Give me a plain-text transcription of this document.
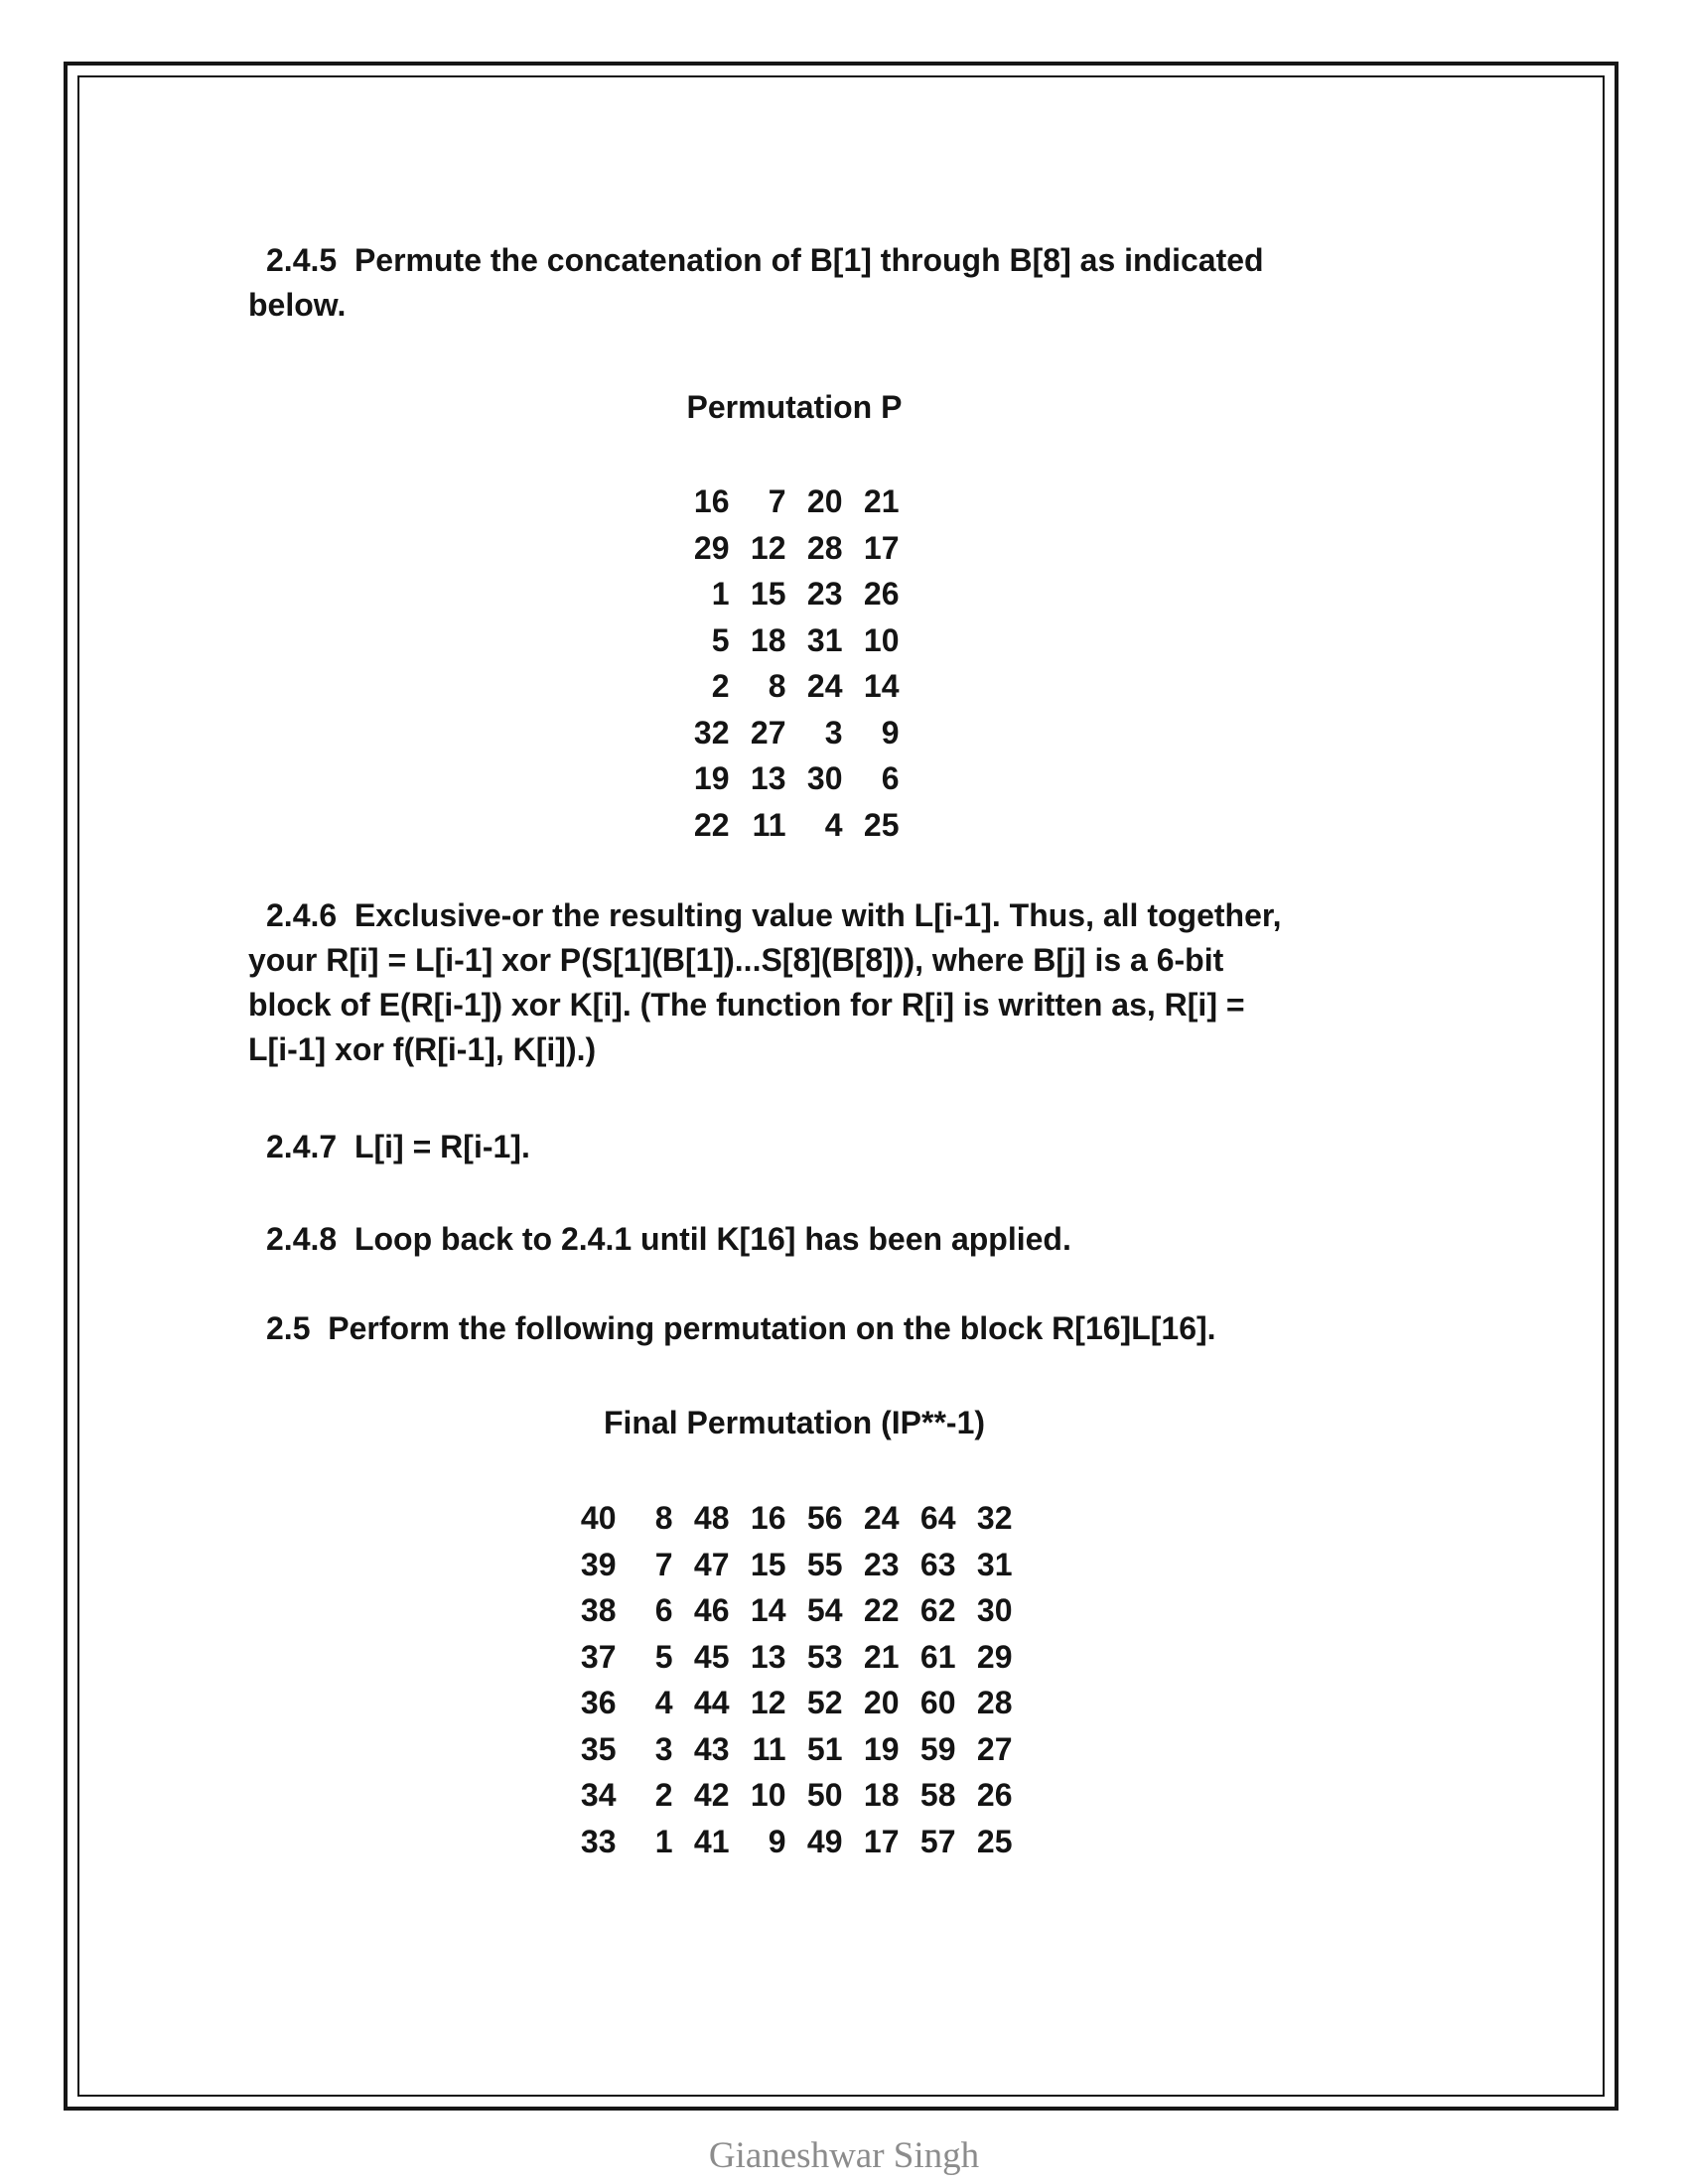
2.4.5  Permute the concatenation of B[1] through B[8] as indicated
below.
Permutation P
16	7 20 21
29 12 28 17
1 15 23 26
5 18 31 10
2	8 24 14
32 27	3	9
19 13 30	6
22 11	4 25
2.4.6  Exclusive-or the resulting value with L[i-1]. Thus, all together,
your R[i] = L[i-1] xor P(S[1](B[1])...S[8](B[8])), where B[j] is a 6-bit
block of E(R[i-1]) xor K[i]. (The function for R[i] is written as, R[i] =
L[i-1] xor f(R[i-1], K[i]).)
2.4.7  L[i] = R[i-1].
2.4.8  Loop back to 2.4.1 until K[16] has been applied.
2.5  Perform the following permutation on the block R[16]L[16].
Final Permutation (IP**-1)
40	8 48 16 56 24 64 32
39	7 47 15 55 23 63 31
38	6 46 14 54 22 62 30
37	5 45 13 53 21 61 29
36	4 44 12 52 20 60 28
35	3 43 11 51 19 59 27
34	2 42 10 50 18 58 26
33	1 41	9 49 17 57 25
Gianeshwar Singh
